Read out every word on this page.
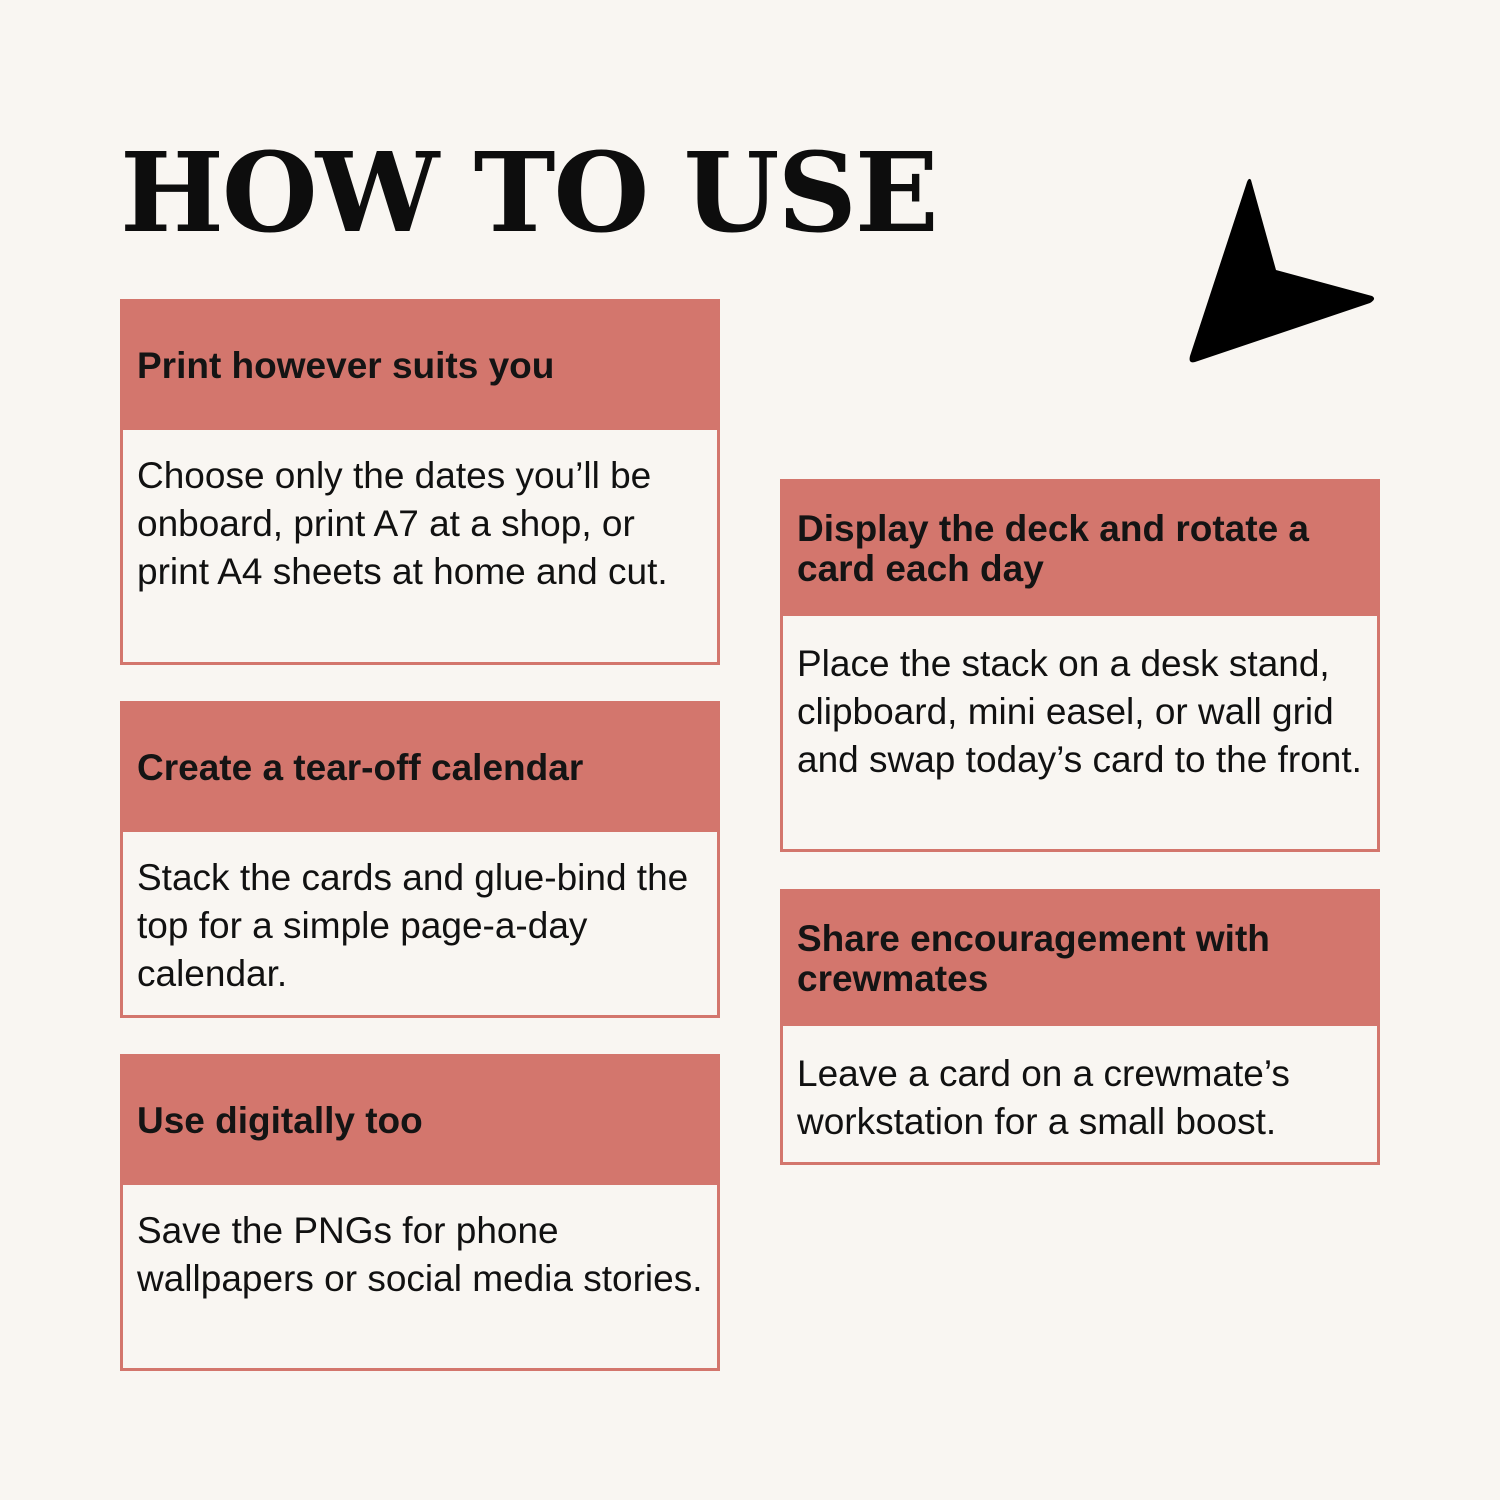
HOW TO USE
Print however suits you
Choose only the dates you’ll be onboard, print A7 at a shop, or print A4 sheets at home and cut.
Create a tear-off calendar
Stack the cards and glue-bind the top for a simple page-a-day calendar.
Use digitally too
Save the PNGs for phone wallpapers or social media stories.
Display the deck and rotate a card each day
Place the stack on a desk stand, clipboard, mini easel, or wall grid and swap today’s card to the front.
Share encouragement with crewmates
Leave a card on a crewmate’s workstation for a small boost.
